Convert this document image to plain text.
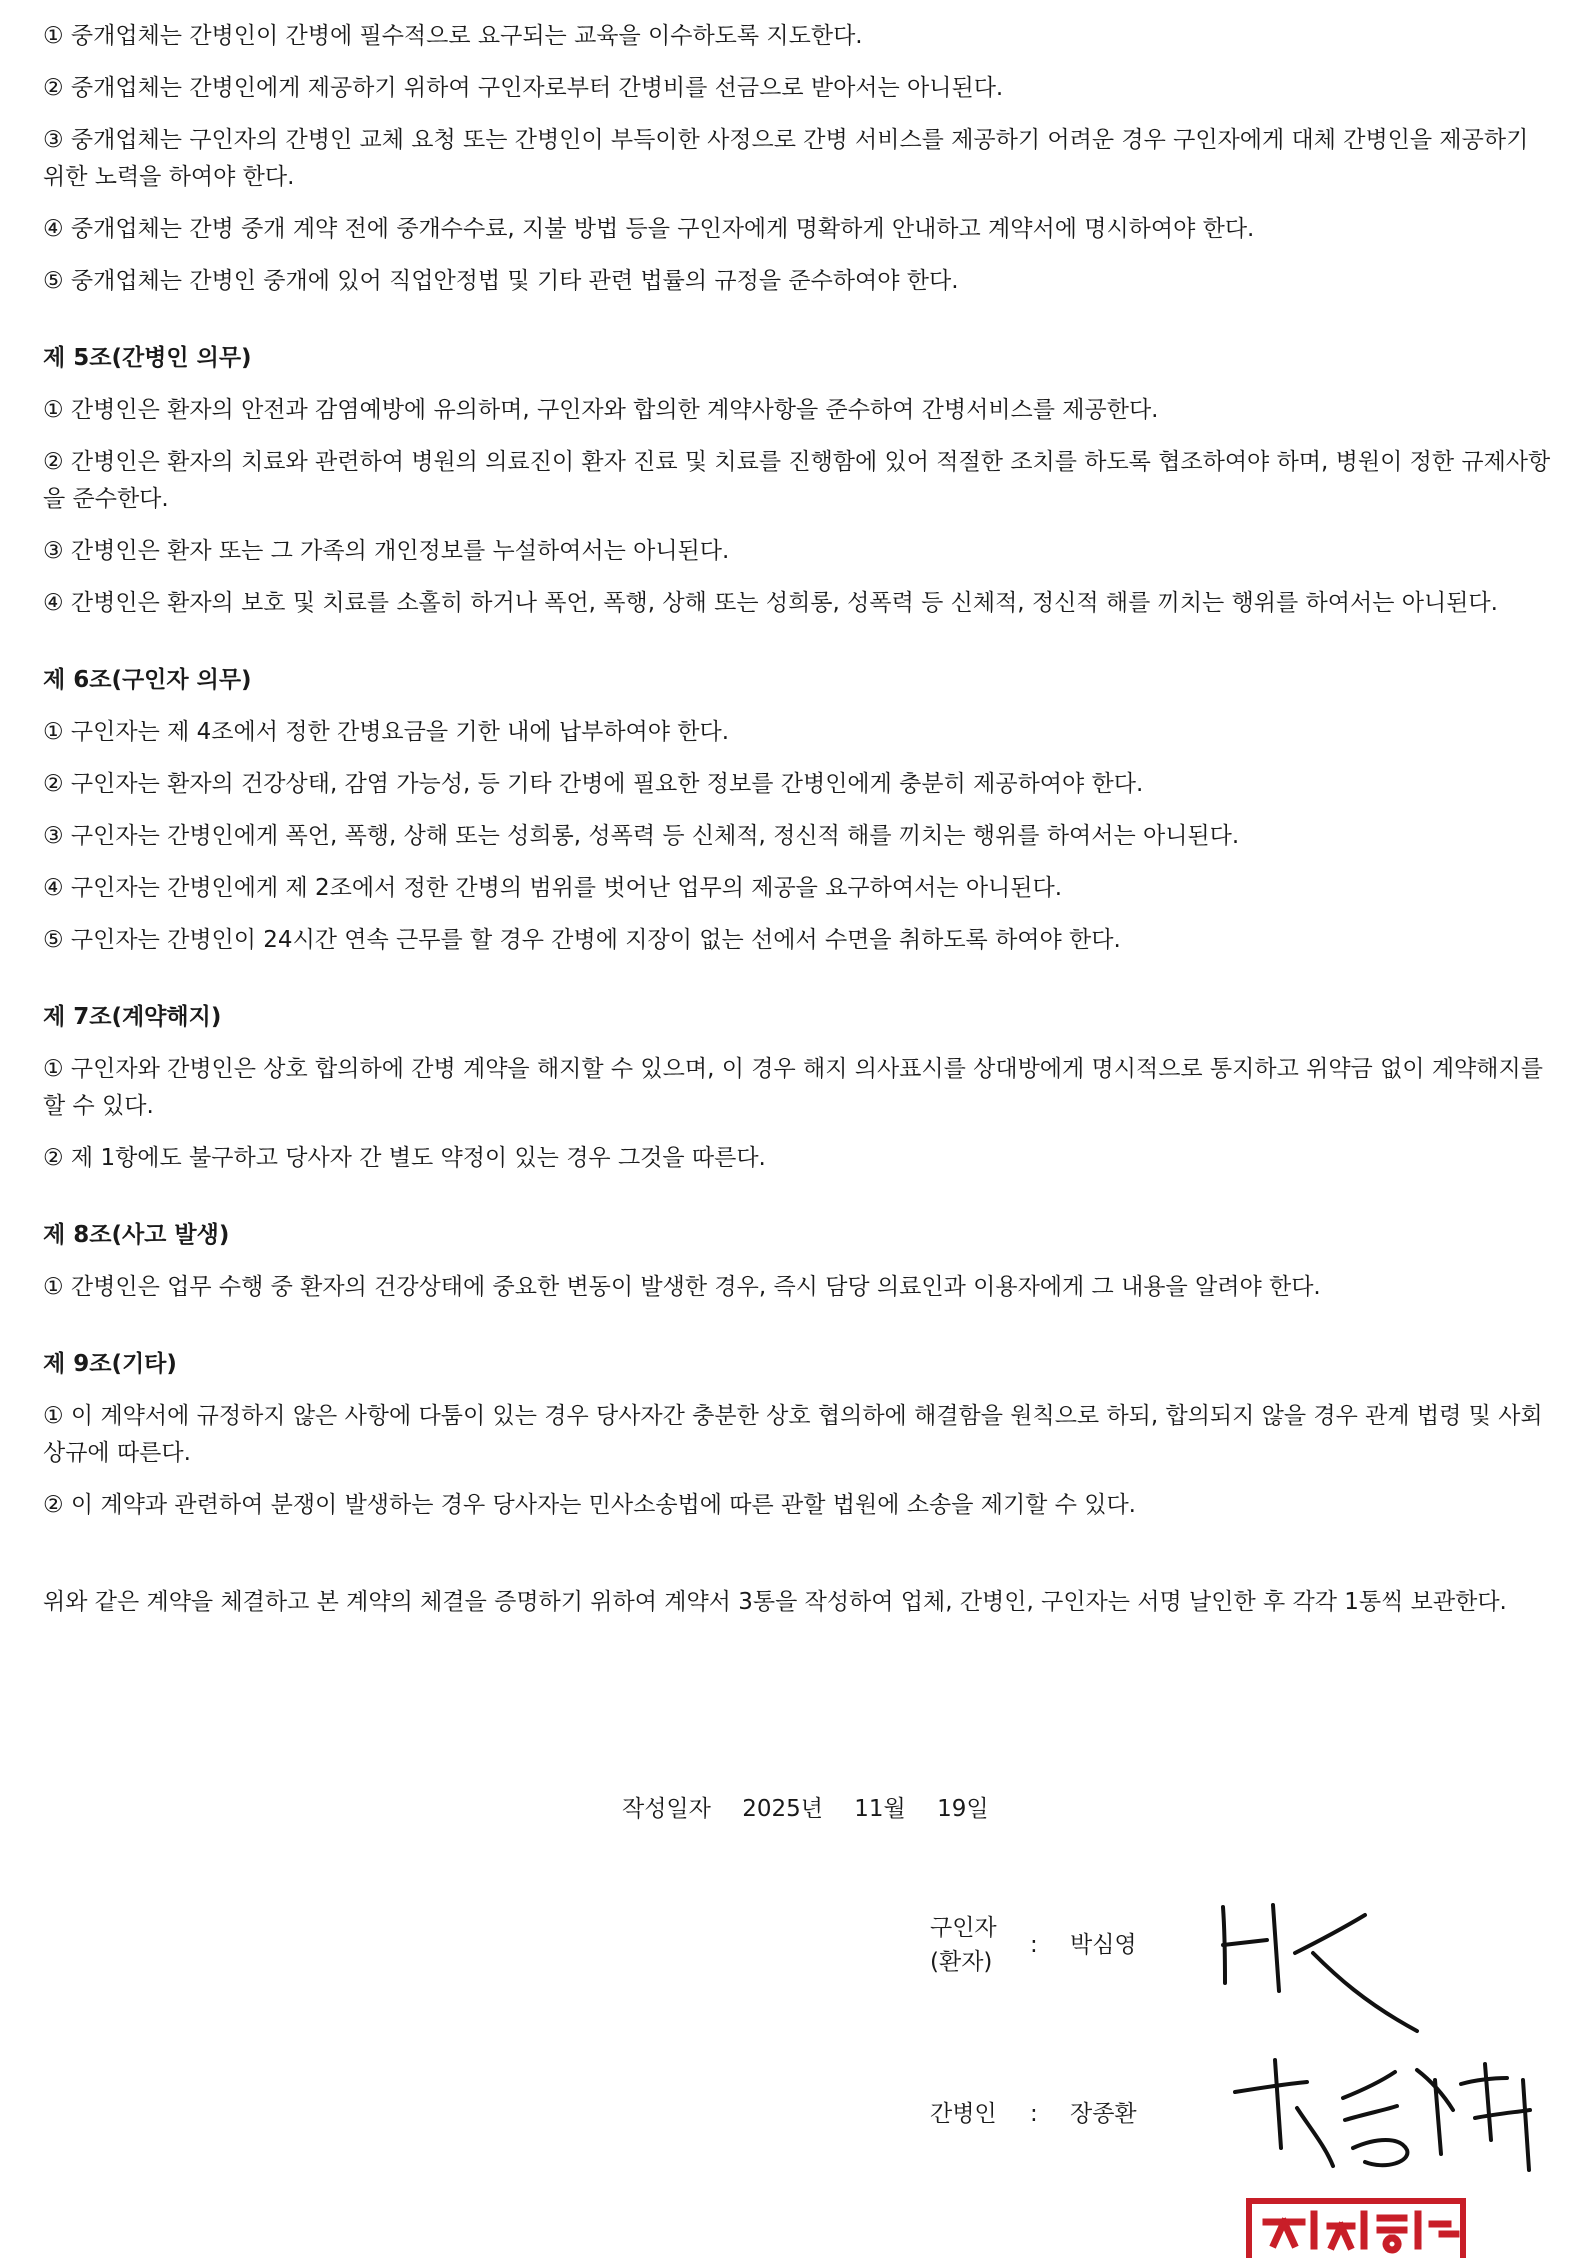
① 중개업체는 간병인이 간병에 필수적으로 요구되는 교육을 이수하도록 지도한다.

② 중개업체는 간병인에게 제공하기 위하여 구인자로부터 간병비를 선금으로 받아서는 아니된다.

③ 중개업체는 구인자의 간병인 교체 요청 또는 간병인이 부득이한 사정으로 간병 서비스를 제공하기 어려운 경우 구인자에게 대체 간병인을 제공하기 위한 노력을 하여야 한다.

④ 중개업체는 간병 중개 계약 전에 중개수수료, 지불 방법 등을 구인자에게 명확하게 안내하고 계약서에 명시하여야 한다.

⑤ 중개업체는 간병인 중개에 있어 직업안정법 및 기타 관련 법률의 규정을 준수하여야 한다.

제 5조(간병인 의무)

① 간병인은 환자의 안전과 감염예방에 유의하며, 구인자와 합의한 계약사항을 준수하여 간병서비스를 제공한다.

② 간병인은 환자의 치료와 관련하여 병원의 의료진이 환자 진료 및 치료를 진행함에 있어 적절한 조치를 하도록 협조하여야 하며, 병원이 정한 규제사항을 준수한다.

③ 간병인은 환자 또는 그 가족의 개인정보를 누설하여서는 아니된다.

④ 간병인은 환자의 보호 및 치료를 소홀히 하거나 폭언, 폭행, 상해 또는 성희롱, 성폭력 등 신체적, 정신적 해를 끼치는 행위를 하여서는 아니된다.

제 6조(구인자 의무)

① 구인자는 제 4조에서 정한 간병요금을 기한 내에 납부하여야 한다.

② 구인자는 환자의 건강상태, 감염 가능성, 등 기타 간병에 필요한 정보를 간병인에게 충분히 제공하여야 한다.

③ 구인자는 간병인에게 폭언, 폭행, 상해 또는 성희롱, 성폭력 등 신체적, 정신적 해를 끼치는 행위를 하여서는 아니된다.

④ 구인자는 간병인에게 제 2조에서 정한 간병의 범위를 벗어난 업무의 제공을 요구하여서는 아니된다.

⑤ 구인자는 간병인이 24시간 연속 근무를 할 경우 간병에 지장이 없는 선에서 수면을 취하도록 하여야 한다.

제 7조(계약해지)

① 구인자와 간병인은 상호 합의하에 간병 계약을 해지할 수 있으며, 이 경우 해지 의사표시를 상대방에게 명시적으로 통지하고 위약금 없이 계약해지를 할 수 있다.

② 제 1항에도 불구하고 당사자 간 별도 약정이 있는 경우 그것을 따른다.

제 8조(사고 발생)

① 간병인은 업무 수행 중 환자의 건강상태에 중요한 변동이 발생한 경우, 즉시 담당 의료인과 이용자에게 그 내용을 알려야 한다.

제 9조(기타)

① 이 계약서에 규정하지 않은 사항에 다툼이 있는 경우 당사자간 충분한 상호 협의하에 해결함을 원칙으로 하되, 합의되지 않을 경우 관계 법령 및 사회상규에 따른다.

② 이 계약과 관련하여 분쟁이 발생하는 경우 당사자는 민사소송법에 따른 관할 법원에 소송을 제기할 수 있다.

위와 같은 계약을 체결하고 본 계약의 체결을 증명하기 위하여 계약서 3통을 작성하여 업체, 간병인, 구인자는 서명 날인한 후 각각 1통씩 보관한다.

작성일자 2025년 11월 19일
구인자
(환자)
: 박심영
간병인 : 장종환
